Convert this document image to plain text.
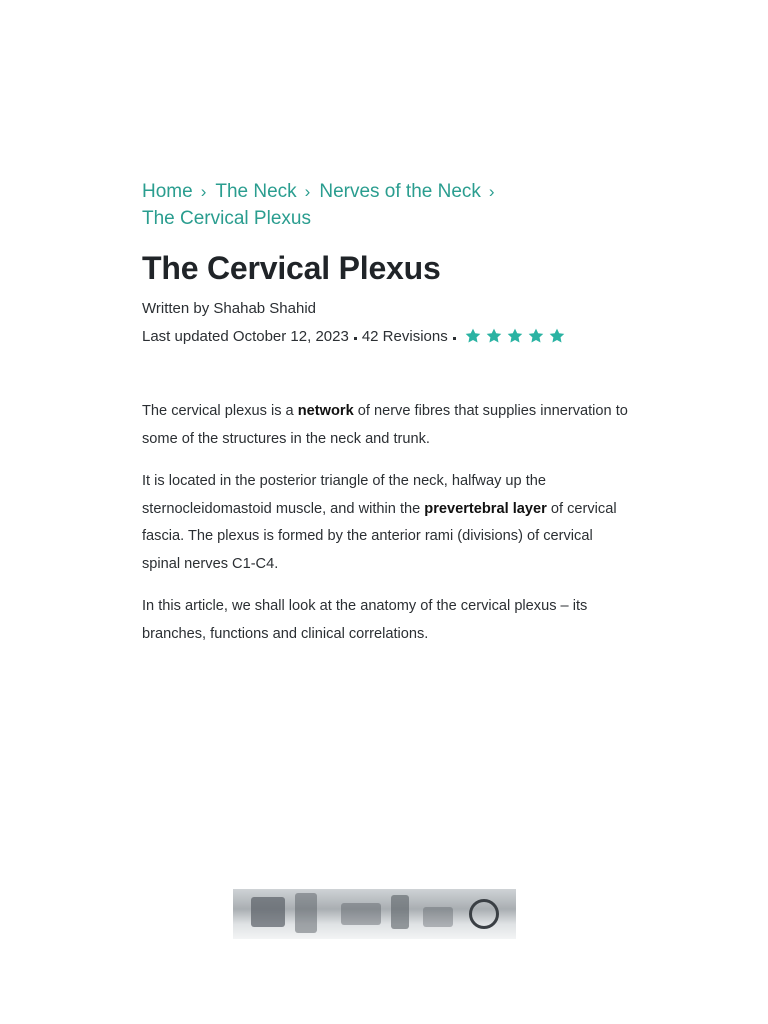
Home › The Neck › Nerves of the Neck ›
The Cervical Plexus
The Cervical Plexus
Written by Shahab Shahid
Last updated October 12, 2023 42 Revisions

The cervical plexus is a network of nerve fibres that supplies innervation to some of the structures in the neck and trunk.

It is located in the posterior triangle of the neck, halfway up the sternocleidomastoid muscle, and within the prevertebral layer of cervical fascia. The plexus is formed by the anterior rami (divisions) of cervical spinal nerves C1-C4.

In this article, we shall look at the anatomy of the cervical plexus – its branches, functions and clinical correlations.
